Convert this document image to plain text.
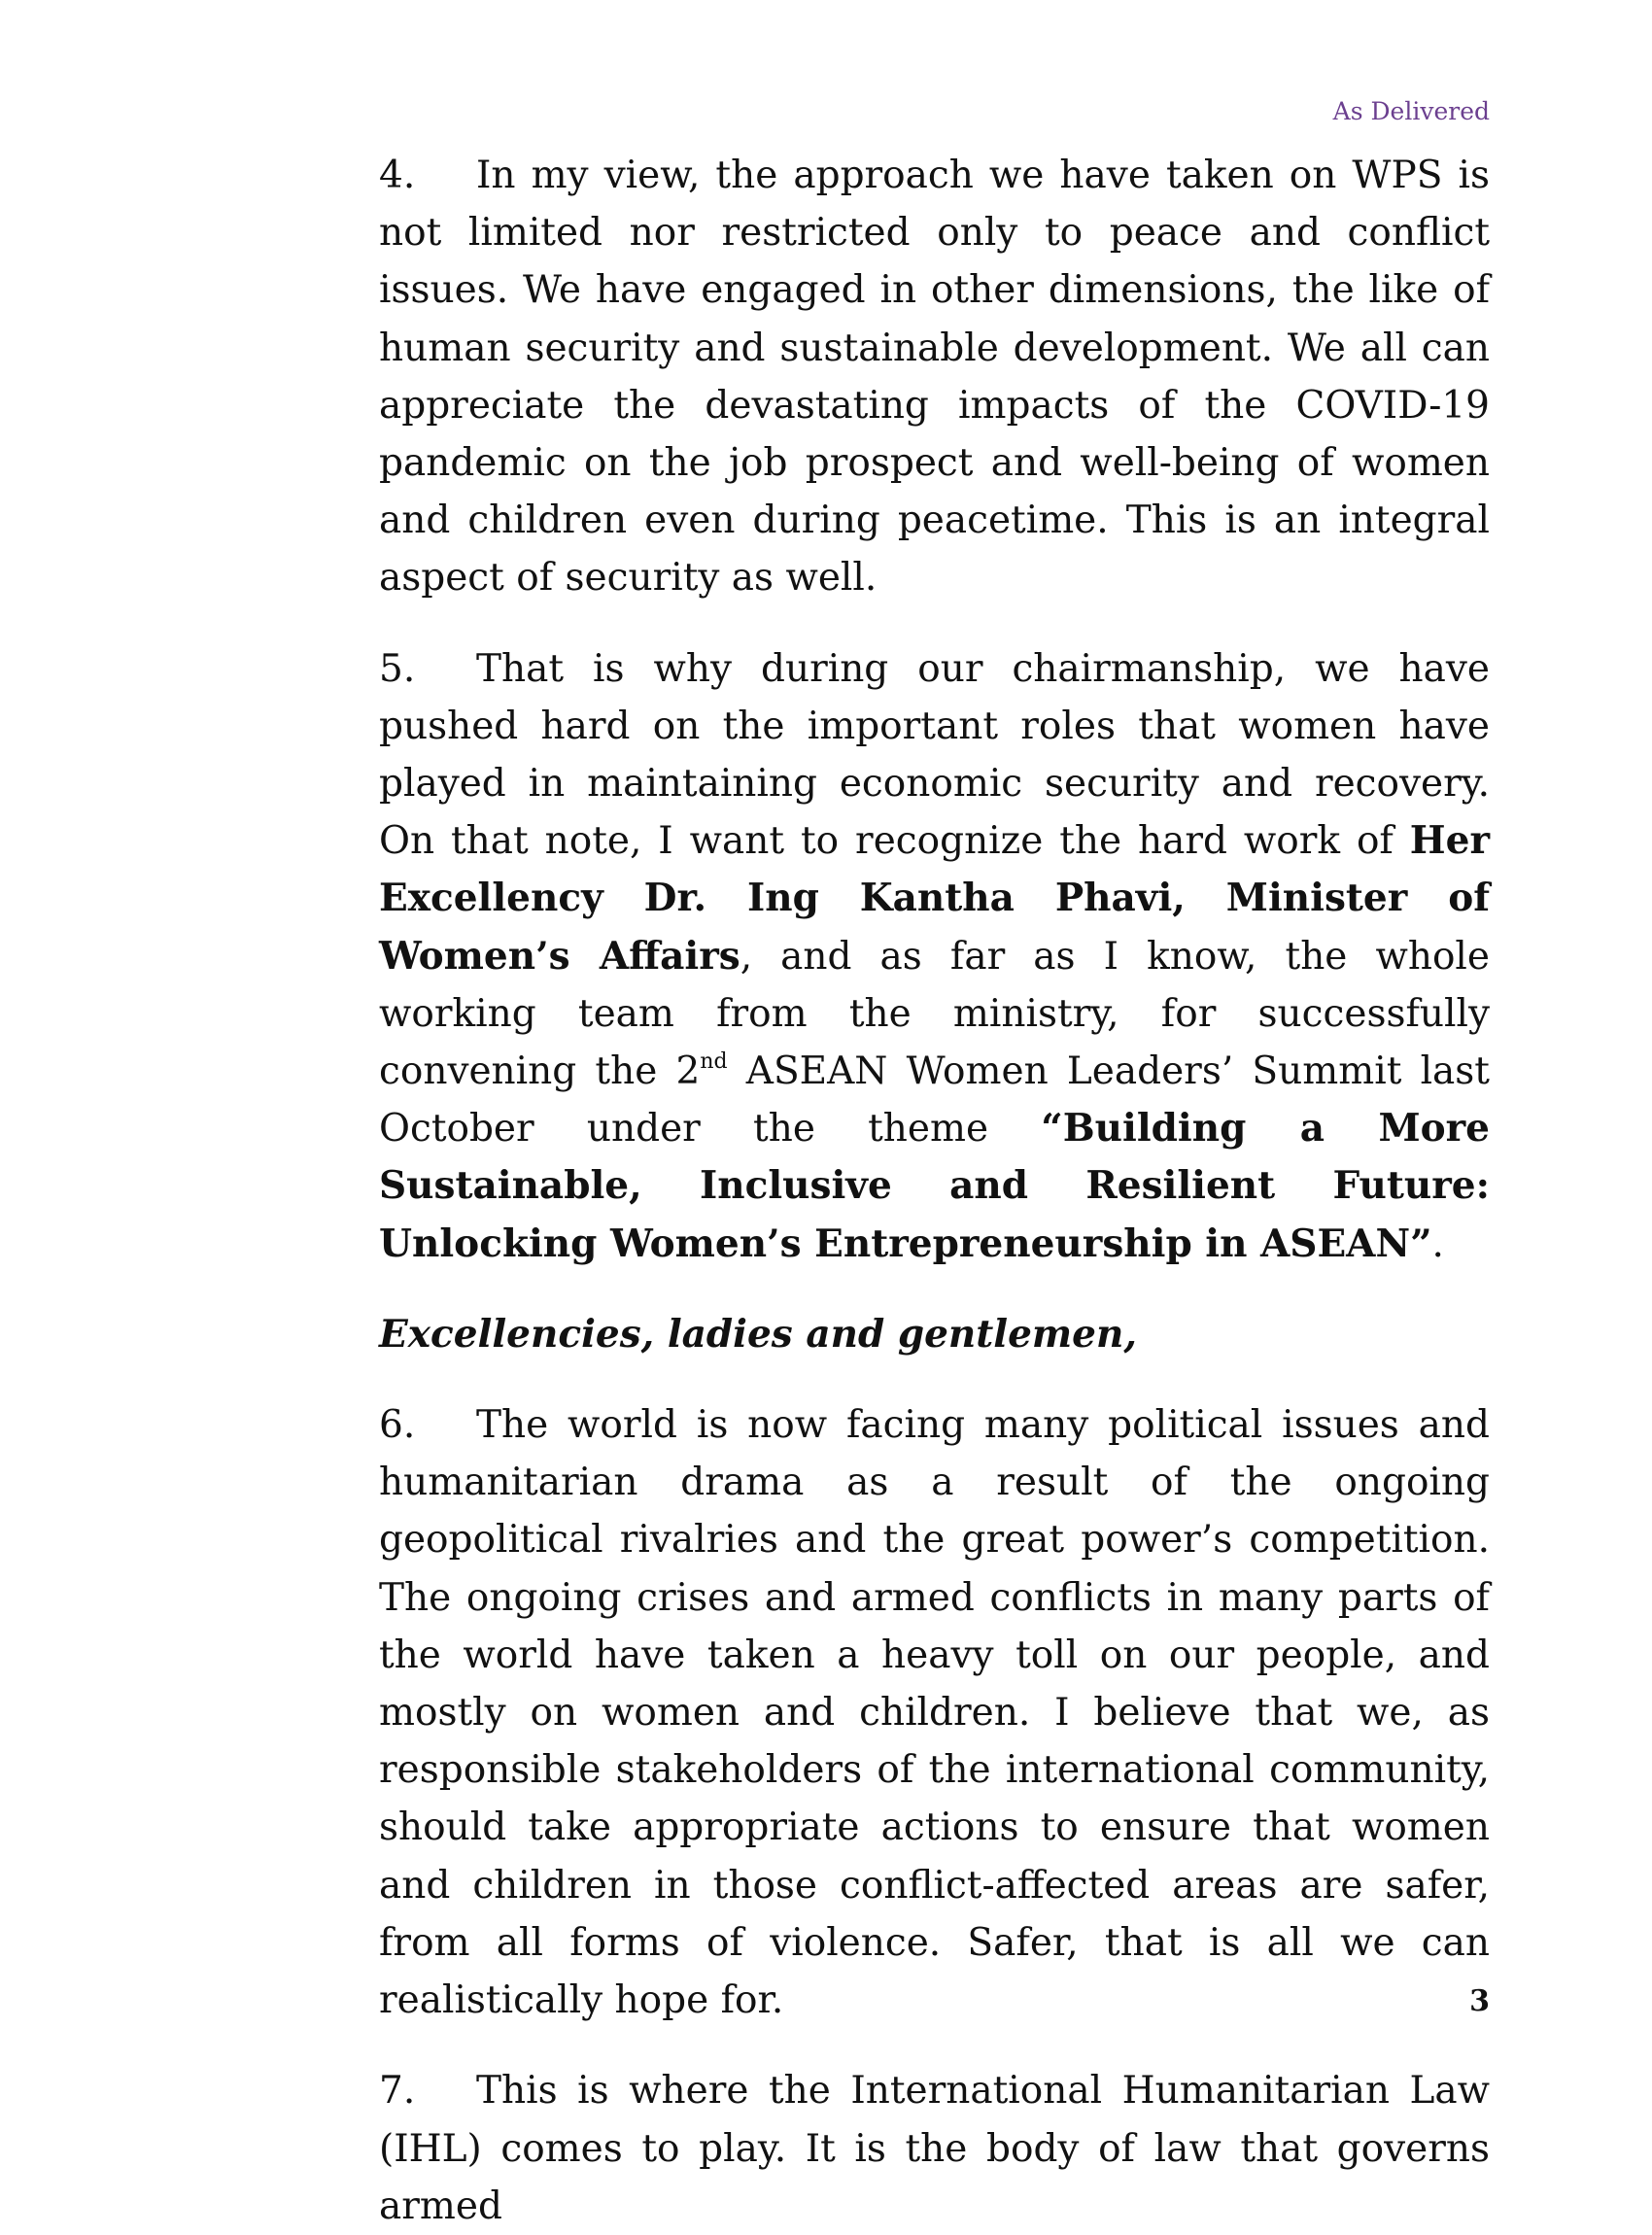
As Delivered

4. In my view, the approach we have taken on WPS is not limited nor restricted only to peace and conflict issues. We have engaged in other dimensions, the like of human security and sustainable development. We all can appreciate the devastating impacts of the COVID-19 pandemic on the job prospect and well-being of women and children even during peacetime. This is an integral aspect of security as well.

5. That is why during our chairmanship, we have pushed hard on the important roles that women have played in maintaining economic security and recovery. On that note, I want to recognize the hard work of Her Excellency Dr. Ing Kantha Phavi, Minister of Women’s Affairs, and as far as I know, the whole working team from the ministry, for successfully convening the 2nd ASEAN Women Leaders’ Summit last October under the theme “Building a More Sustainable, Inclusive and Resilient Future: Unlocking Women’s Entrepreneurship in ASEAN”.

Excellencies, ladies and gentlemen,

6. The world is now facing many political issues and humanitarian drama as a result of the ongoing geopolitical rivalries and the great power’s competition. The ongoing crises and armed conflicts in many parts of the world have taken a heavy toll on our people, and mostly on women and children. I believe that we, as responsible stakeholders of the international community, should take appropriate actions to ensure that women and children in those conflict-affected areas are safer, from all forms of violence. Safer, that is all we can realistically hope for.

7. This is where the International Humanitarian Law (IHL) comes to play. It is the body of law that governs armed

3
